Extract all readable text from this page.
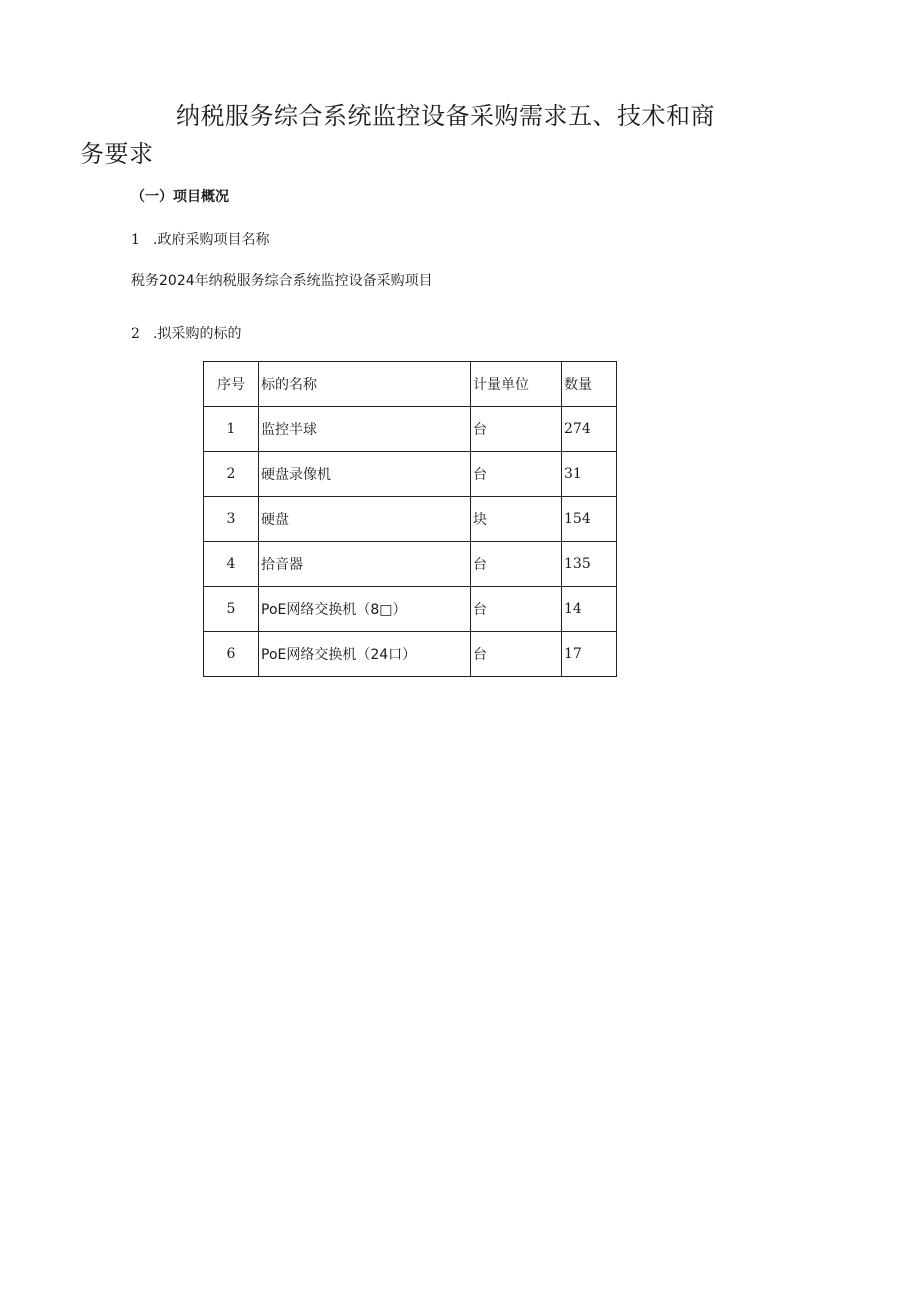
纳税服务综合系统监控设备采购需求五、技术和商
务要求
（一）项目概况
1 .政府采购项目名称
税务2024年纳税服务综合系统监控设备采购项目
2 .拟采购的标的
序号	标的名称	计量单位	数量
1	监控半球	台	274
2	硬盘录像机	台	31
3	硬盘	块	154
4	拾音器	台	135
5	PoE网络交换机（8□）	台	14
6	PoE网络交换机（24口）	台	17
